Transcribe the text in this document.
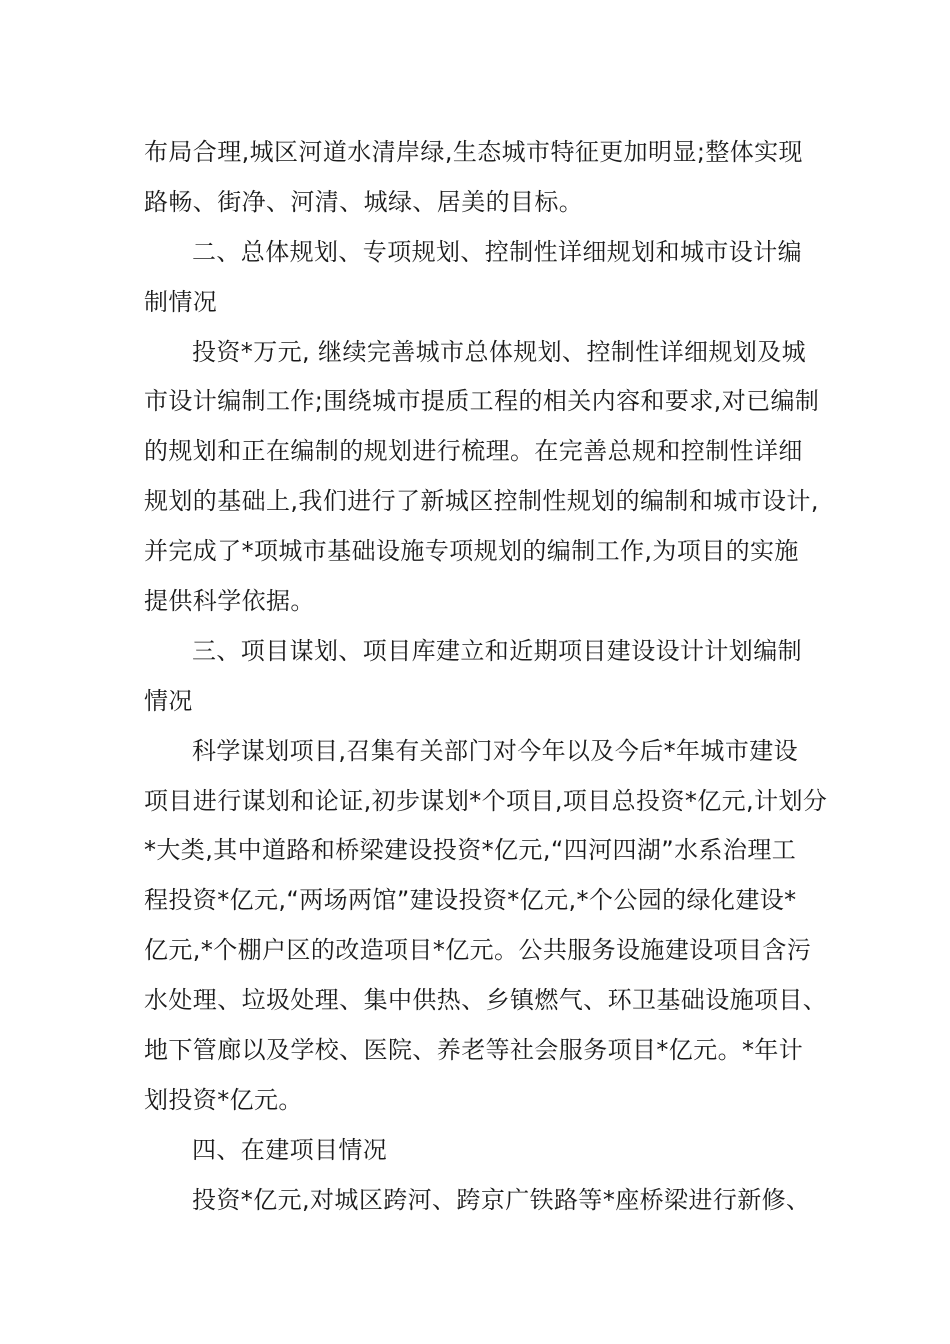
布局合理,城区河道水清岸绿,生态城市特征更加明显;整体实现
路畅、街净、河清、城绿、居美的目标。
二、总体规划、专项规划、控制性详细规划和城市设计编
制情况
投资*万元, 继续完善城市总体规划、控制性详细规划及城
市设计编制工作;围绕城市提质工程的相关内容和要求,对已编制
的规划和正在编制的规划进行梳理。在完善总规和控制性详细
规划的基础上,我们进行了新城区控制性规划的编制和城市设计,
并完成了*项城市基础设施专项规划的编制工作,为项目的实施
提供科学依据。
三、项目谋划、项目库建立和近期项目建设设计计划编制
情况
科学谋划项目,召集有关部门对今年以及今后*年城市建设
项目进行谋划和论证,初步谋划*个项目,项目总投资*亿元,计划分
*大类,其中道路和桥梁建设投资*亿元,“四河四湖”水系治理工
程投资*亿元,“两场两馆”建设投资*亿元,*个公园的绿化建设*
亿元,*个棚户区的改造项目*亿元。公共服务设施建设项目含污
水处理、垃圾处理、集中供热、乡镇燃气、环卫基础设施项目、
地下管廊以及学校、医院、养老等社会服务项目*亿元。*年计
划投资*亿元。
四、在建项目情况
投资*亿元,对城区跨河、跨京广铁路等*座桥梁进行新修、
